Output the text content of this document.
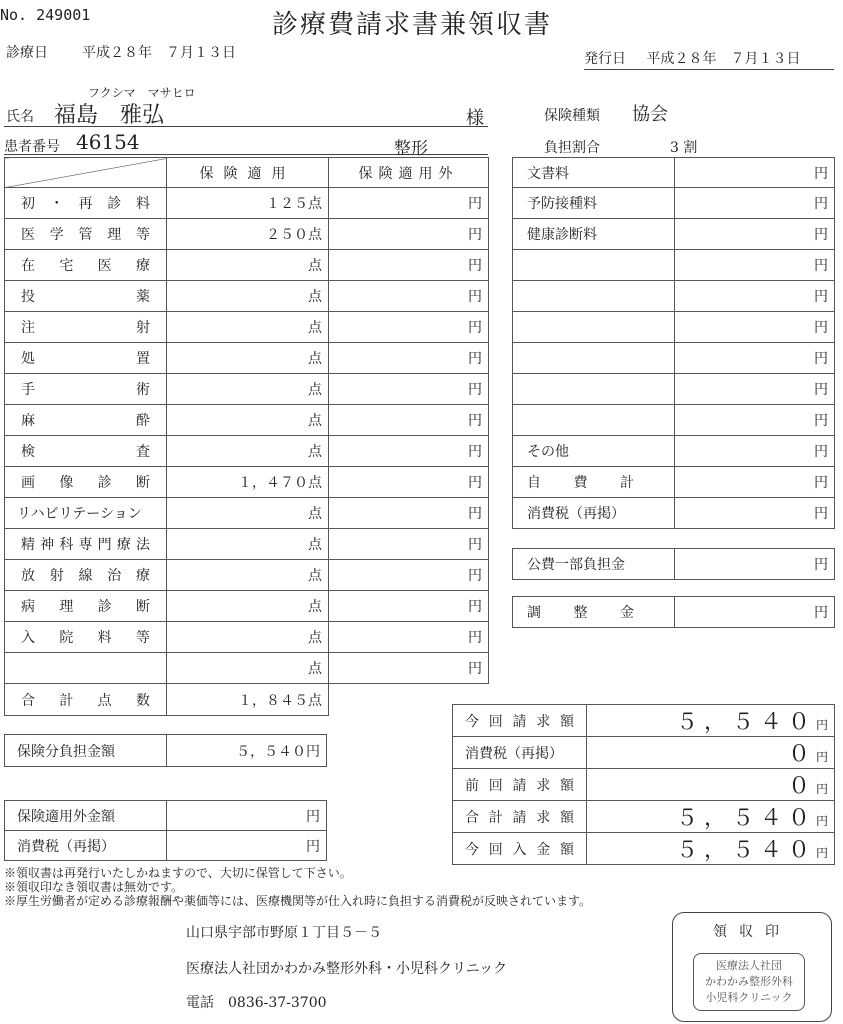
No. 249001	診療費請求書兼領収書
診療日 平成２８年　７月１３日	発行日 平成２８年　７月１３日
フクシマ　マサヒロ
氏名 福島　雅弘	様
患者番号 46154	整形
保険種類 協会
負担割合	3 割
	保険適用	保険適用外
初・再診料	１２５点	円
医学管理等	２５０点	円
在宅医療	点	円
投薬	点	円
注射	点	円
処置	点	円
手術	点	円
麻酔	点	円
検査	点	円
画像診断	１，４７０点	円
リハビリテーション	点	円
精神科専門療法	点	円
放射線治療	点	円
病理診断	点	円
入院料等	点	円
	点	円
合計点数	１，８４５点	
文書料	円
予防接種料	円
健康診断料	円
	円
	円
	円
	円
	円
	円
その他	円
自費計	円
消費税（再掲）	円
公費一部負担金	円
調整金	円
保険分負担金額	５，５４０円
保険適用外金額	円
消費税（再掲）	円
今回請求額	５，５４０円
消費税（再掲）	０円
前回請求額	０円
合計請求額	５，５４０円
今回入金額	５，５４０円
※領収書は再発行いたしかねますので、大切に保管して下さい。
※領収印なき領収書は無効です。
※厚生労働者が定める診療報酬や薬価等には、医療機関等が仕入れ時に負担する消費税が反映されています。
山口県宇部市野原１丁目５－５
医療法人社団かわかみ整形外科・小児科クリニック
電話　0836-37-3700
領収印
医療法人社団
かわかみ整形外科
小児科クリニック
